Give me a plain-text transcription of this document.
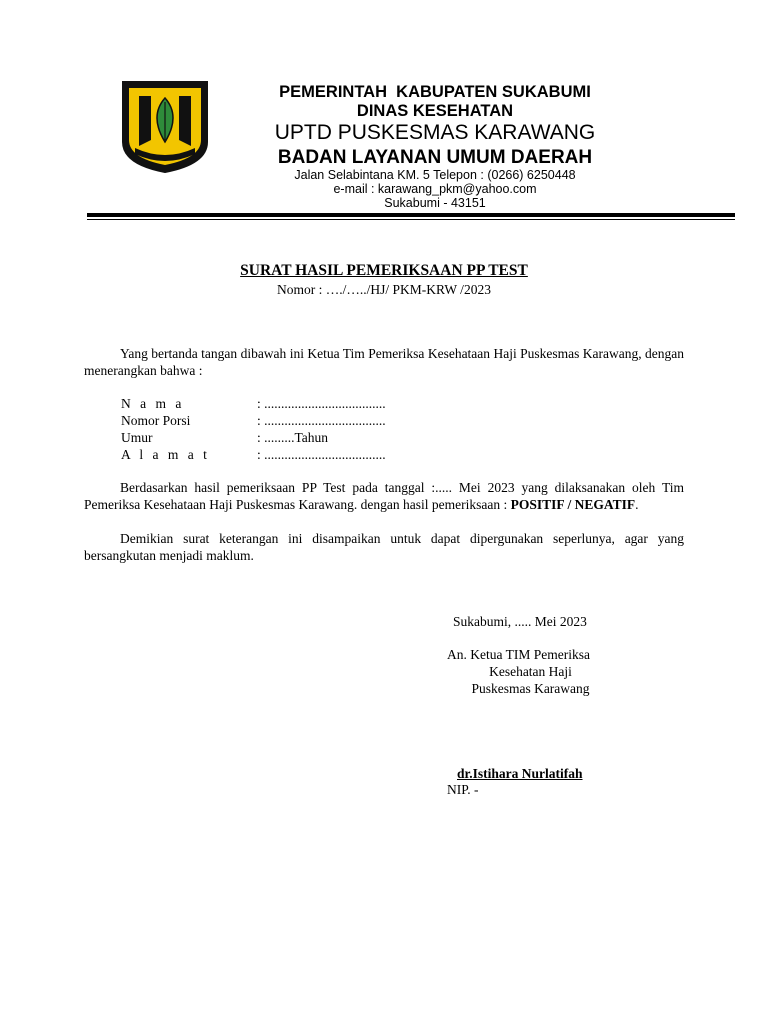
PEMERINTAH  KABUPATEN SUKABUMI
DINAS KESEHATAN
UPTD PUSKESMAS KARAWANG
BADAN LAYANAN UMUM DAERAH
Jalan Selabintana KM. 5 Telepon : (0266) 6250448
e-mail : karawang_pkm@yahoo.com
Sukabumi - 43151
SURAT HASIL PEMERIKSAAN PP TEST
Nomor : …./…../HJ/ PKM-KRW /2023
Yang bertanda tangan dibawah ini Ketua Tim Pemeriksa Kesehataan Haji Puskesmas Karawang, dengan menerangkan bahwa :
N a m a	: ....................................
Nomor Porsi	: ....................................
Umur	: .........Tahun
A l a m a t	: ....................................
Berdasarkan hasil pemeriksaan PP Test pada tanggal :..... Mei 2023 yang dilaksanakan oleh Tim Pemeriksa Kesehataan Haji Puskesmas Karawang. dengan hasil pemeriksaan : POSITIF / NEGATIF.
Demikian surat keterangan ini disampaikan untuk dapat dipergunakan seperlunya, agar yang bersangkutan menjadi maklum.
Sukabumi, ..... Mei 2023
An. Ketua TIM Pemeriksa
Kesehatan Haji
Puskesmas Karawang
dr.Istihara Nurlatifah
NIP. -
